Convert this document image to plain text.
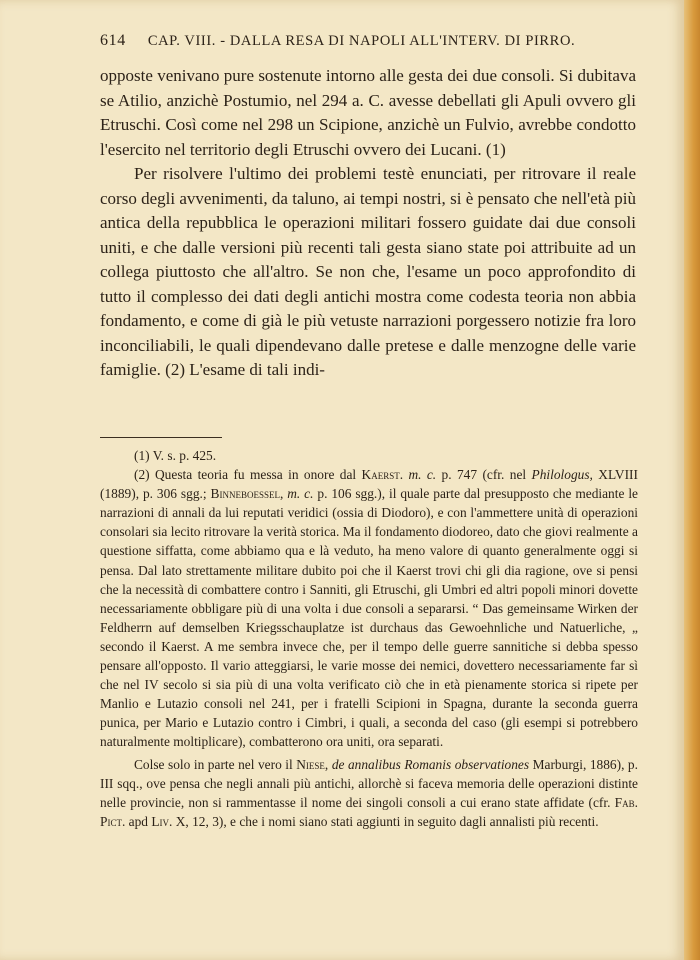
614 CAP. VIII. - DALLA RESA DI NAPOLI ALL'INTERV. DI PIRRO.

opposte venivano pure sostenute intorno alle gesta dei due consoli. Si dubitava se Atilio, anzichè Postumio, nel 294 a. C. avesse debellati gli Apuli ovvero gli Etruschi. Così come nel 298 un Scipione, anzichè un Fulvio, avrebbe condotto l'esercito nel territorio degli Etruschi ovvero dei Lucani. (1)

Per risolvere l'ultimo dei problemi testè enunciati, per ritrovare il reale corso degli avvenimenti, da taluno, ai tempi nostri, si è pensato che nell'età più antica della repubblica le operazioni militari fossero guidate dai due consoli uniti, e che dalle versioni più recenti tali gesta siano state poi attribuite ad un collega piuttosto che all'altro. Se non che, l'esame un poco approfondito di tutto il complesso dei dati degli antichi mostra come codesta teoria non abbia fondamento, e come di già le più vetuste narrazioni porgessero notizie fra loro inconciliabili, le quali dipendevano dalle pretese e dalle menzogne delle varie famiglie. (2) L'esame di tali indi-

(1) V. s. p. 425.

(2) Questa teoria fu messa in onore dal Kaerst. m. c. p. 747 (cfr. nel Philologus, XLVIII (1889), p. 306 sgg.; Binneboessel, m. c. p. 106 sgg.), il quale parte dal presupposto che mediante le narrazioni di annali da lui reputati veridici (ossia di Diodoro), e con l'ammettere unità di operazioni consolari sia lecito ritrovare la verità storica. Ma il fondamento diodoreo, dato che giovi realmente a questione siffatta, come abbiamo qua e là veduto, ha meno valore di quanto generalmente oggi si pensa. Dal lato strettamente militare dubito poi che il Kaerst trovi chi gli dia ragione, ove si pensi che la necessità di combattere contro i Sanniti, gli Etruschi, gli Umbri ed altri popoli minori dovette necessariamente obbligare più di una volta i due consoli a separarsi. “ Das gemeinsame Wirken der Feldherrn auf demselben Kriegsschauplatze ist durchaus das Gewoehnliche und Natuerliche, „ secondo il Kaerst. A me sembra invece che, per il tempo delle guerre sannitiche si debba spesso pensare all'opposto. Il vario atteggiarsi, le varie mosse dei nemici, dovettero necessariamente far sì che nel IV secolo si sia più di una volta verificato ciò che in età pienamente storica si ripete per Manlio e Lutazio consoli nel 241, per i fratelli Scipioni in Spagna, durante la seconda guerra punica, per Mario e Lutazio contro i Cimbri, i quali, a seconda del caso (gli esempi si potrebbero naturalmente moltiplicare), combatterono ora uniti, ora separati.

Colse solo in parte nel vero il Niese, de annalibus Romanis observationes Marburgi, 1886), p. III sqq., ove pensa che negli annali più antichi, allorchè si faceva memoria delle operazioni distinte nelle provincie, non si rammentasse il nome dei singoli consoli a cui erano state affidate (cfr. Fab. Pict. apd Liv. X, 12, 3), e che i nomi siano stati aggiunti in seguito dagli annalisti più recenti.
